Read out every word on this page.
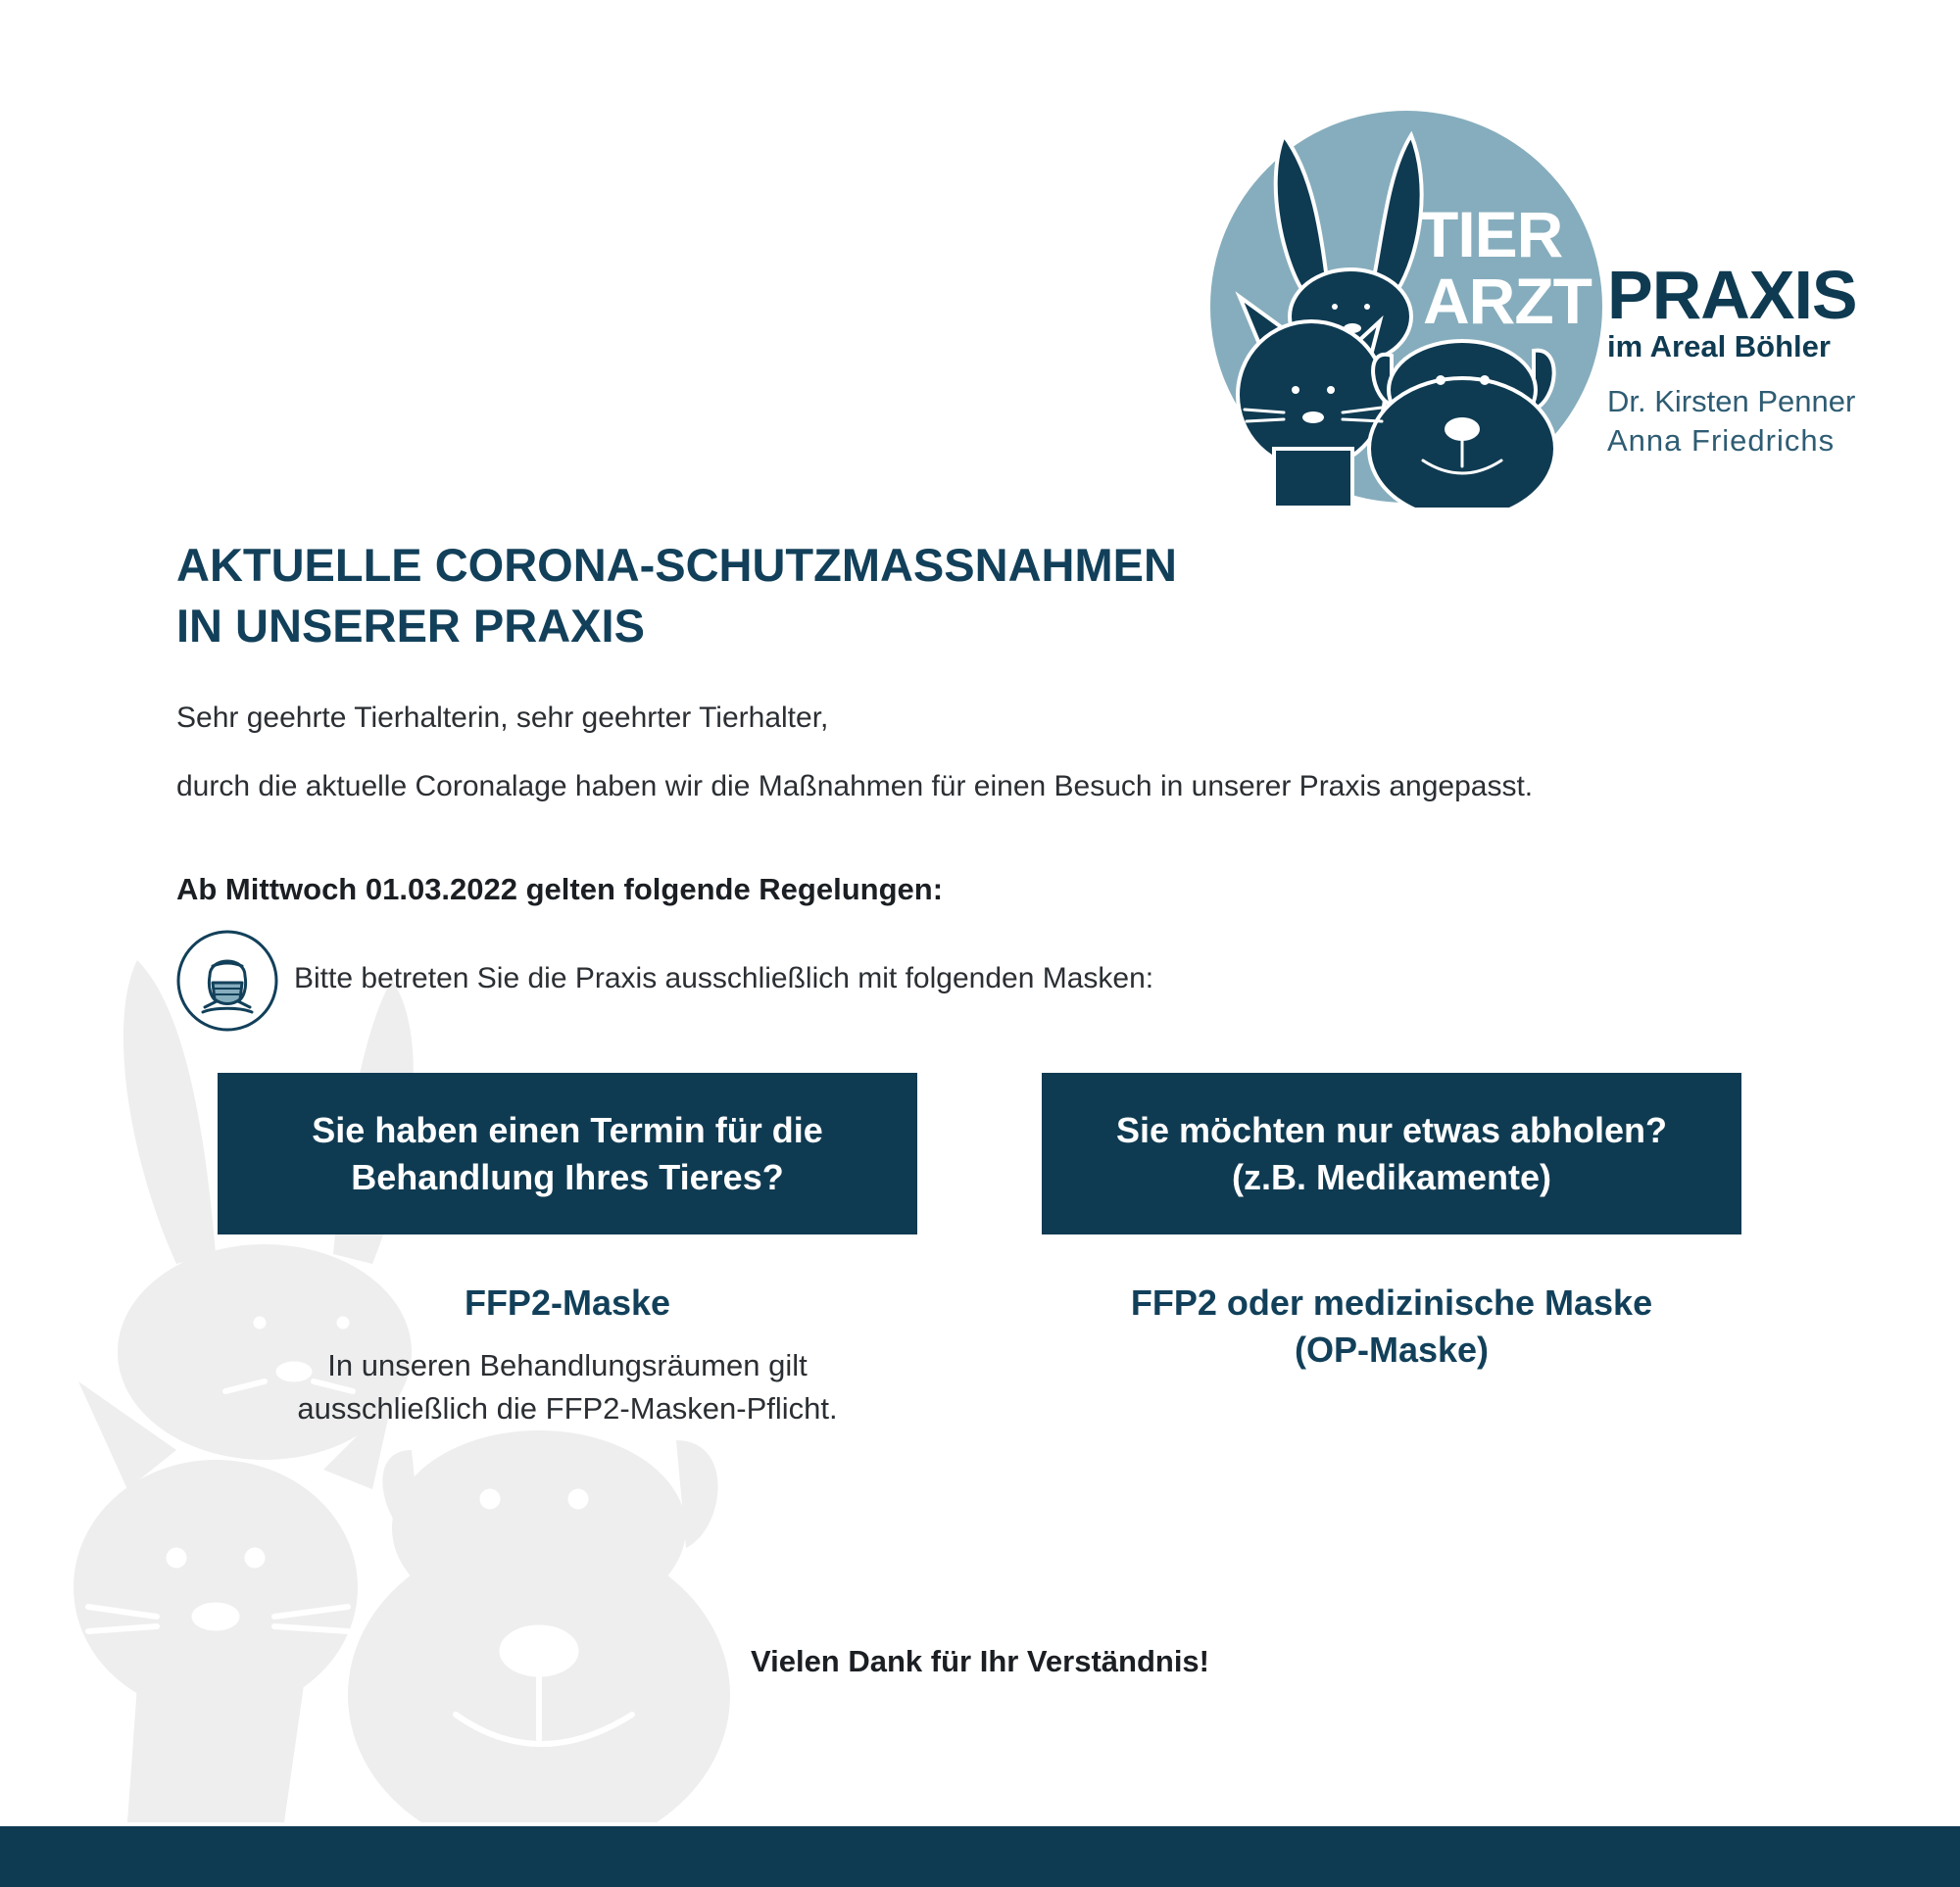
TIER
ARZT PRAXIS
im Areal Böhler
Dr. Kirsten Penner
Anna Friedrichs
AKTUELLE CORONA-SCHUTZMASSNAHMEN
IN UNSERER PRAXIS

Sehr geehrte Tierhalterin, sehr geehrter Tierhalter,

durch die aktuelle Coronalage haben wir die Maßnahmen für einen Besuch in unserer Praxis angepasst.

Ab Mittwoch 01.03.2022 gelten folgende Regelungen:

Bitte betreten Sie die Praxis ausschließlich mit folgenden Masken:

Sie haben einen Termin für die
Behandlung Ihres Tieres?
Sie möchten nur etwas abholen?
(z.B. Medikamente)
FFP2-Maske
In unseren Behandlungsräumen gilt
ausschließlich die FFP2-Masken-Pflicht.
FFP2 oder medizinische Maske
(OP-Maske)
Vielen Dank für Ihr Verständnis!
